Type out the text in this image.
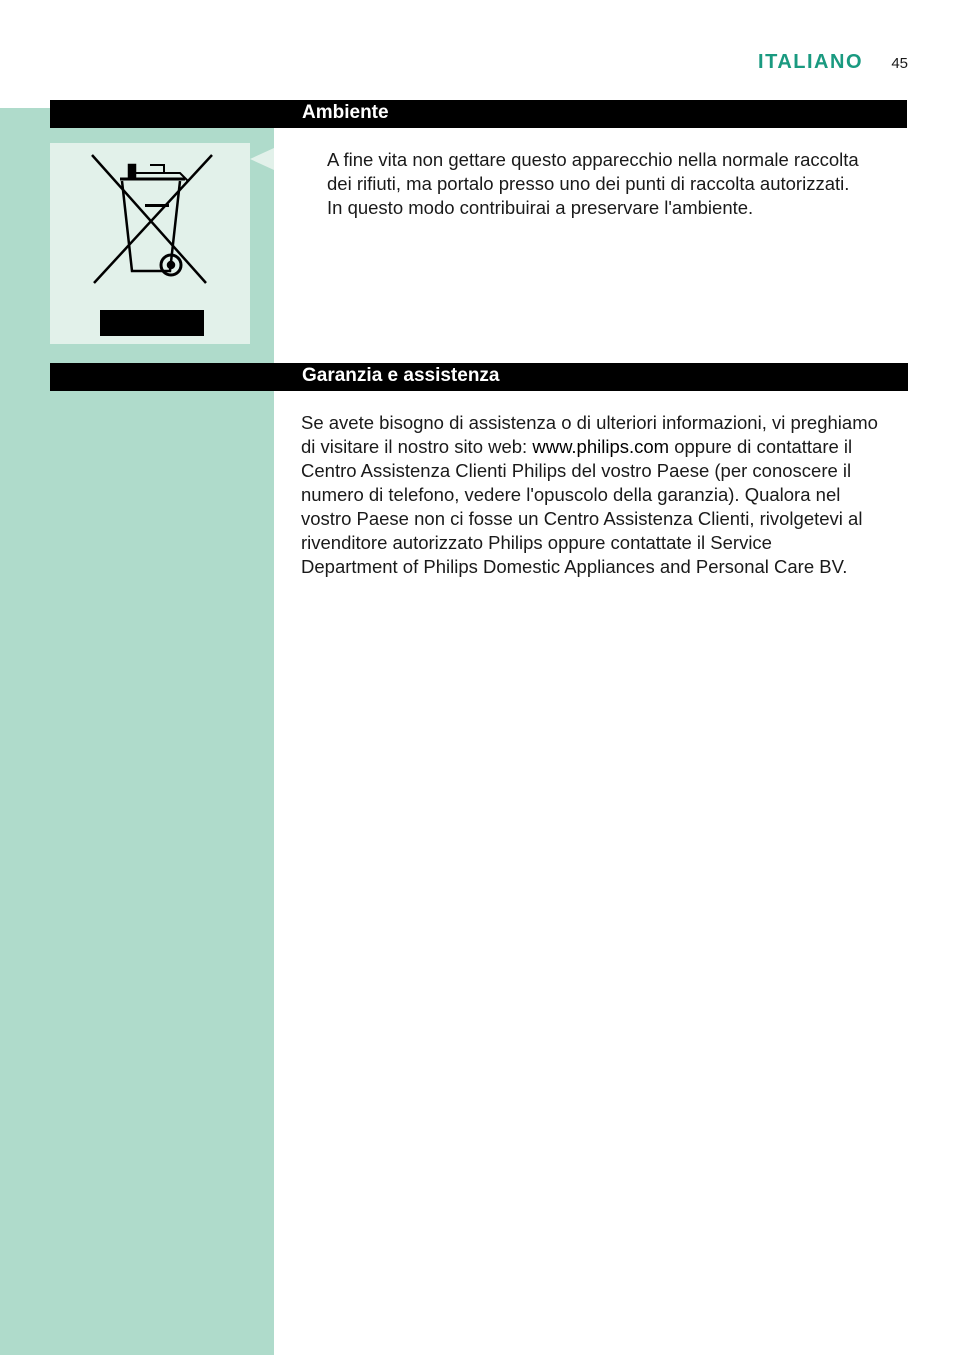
ITALIANO 45
Ambiente

A fine vita non gettare questo apparecchio nella normale raccolta
dei rifiuti, ma portalo presso uno dei punti di raccolta autorizzati.
In questo modo contribuirai a preservare l'ambiente.

Garanzia e assistenza

Se avete bisogno di assistenza o di ulteriori informazioni, vi preghiamo
di visitare il nostro sito web: www.philips.com oppure di contattare il
Centro Assistenza Clienti Philips del vostro Paese (per conoscere il
numero di telefono, vedere l'opuscolo della garanzia). Qualora nel
vostro Paese non ci fosse un Centro Assistenza Clienti, rivolgetevi al
rivenditore autorizzato Philips oppure contattate il Service
Department of Philips Domestic Appliances and Personal Care BV.
